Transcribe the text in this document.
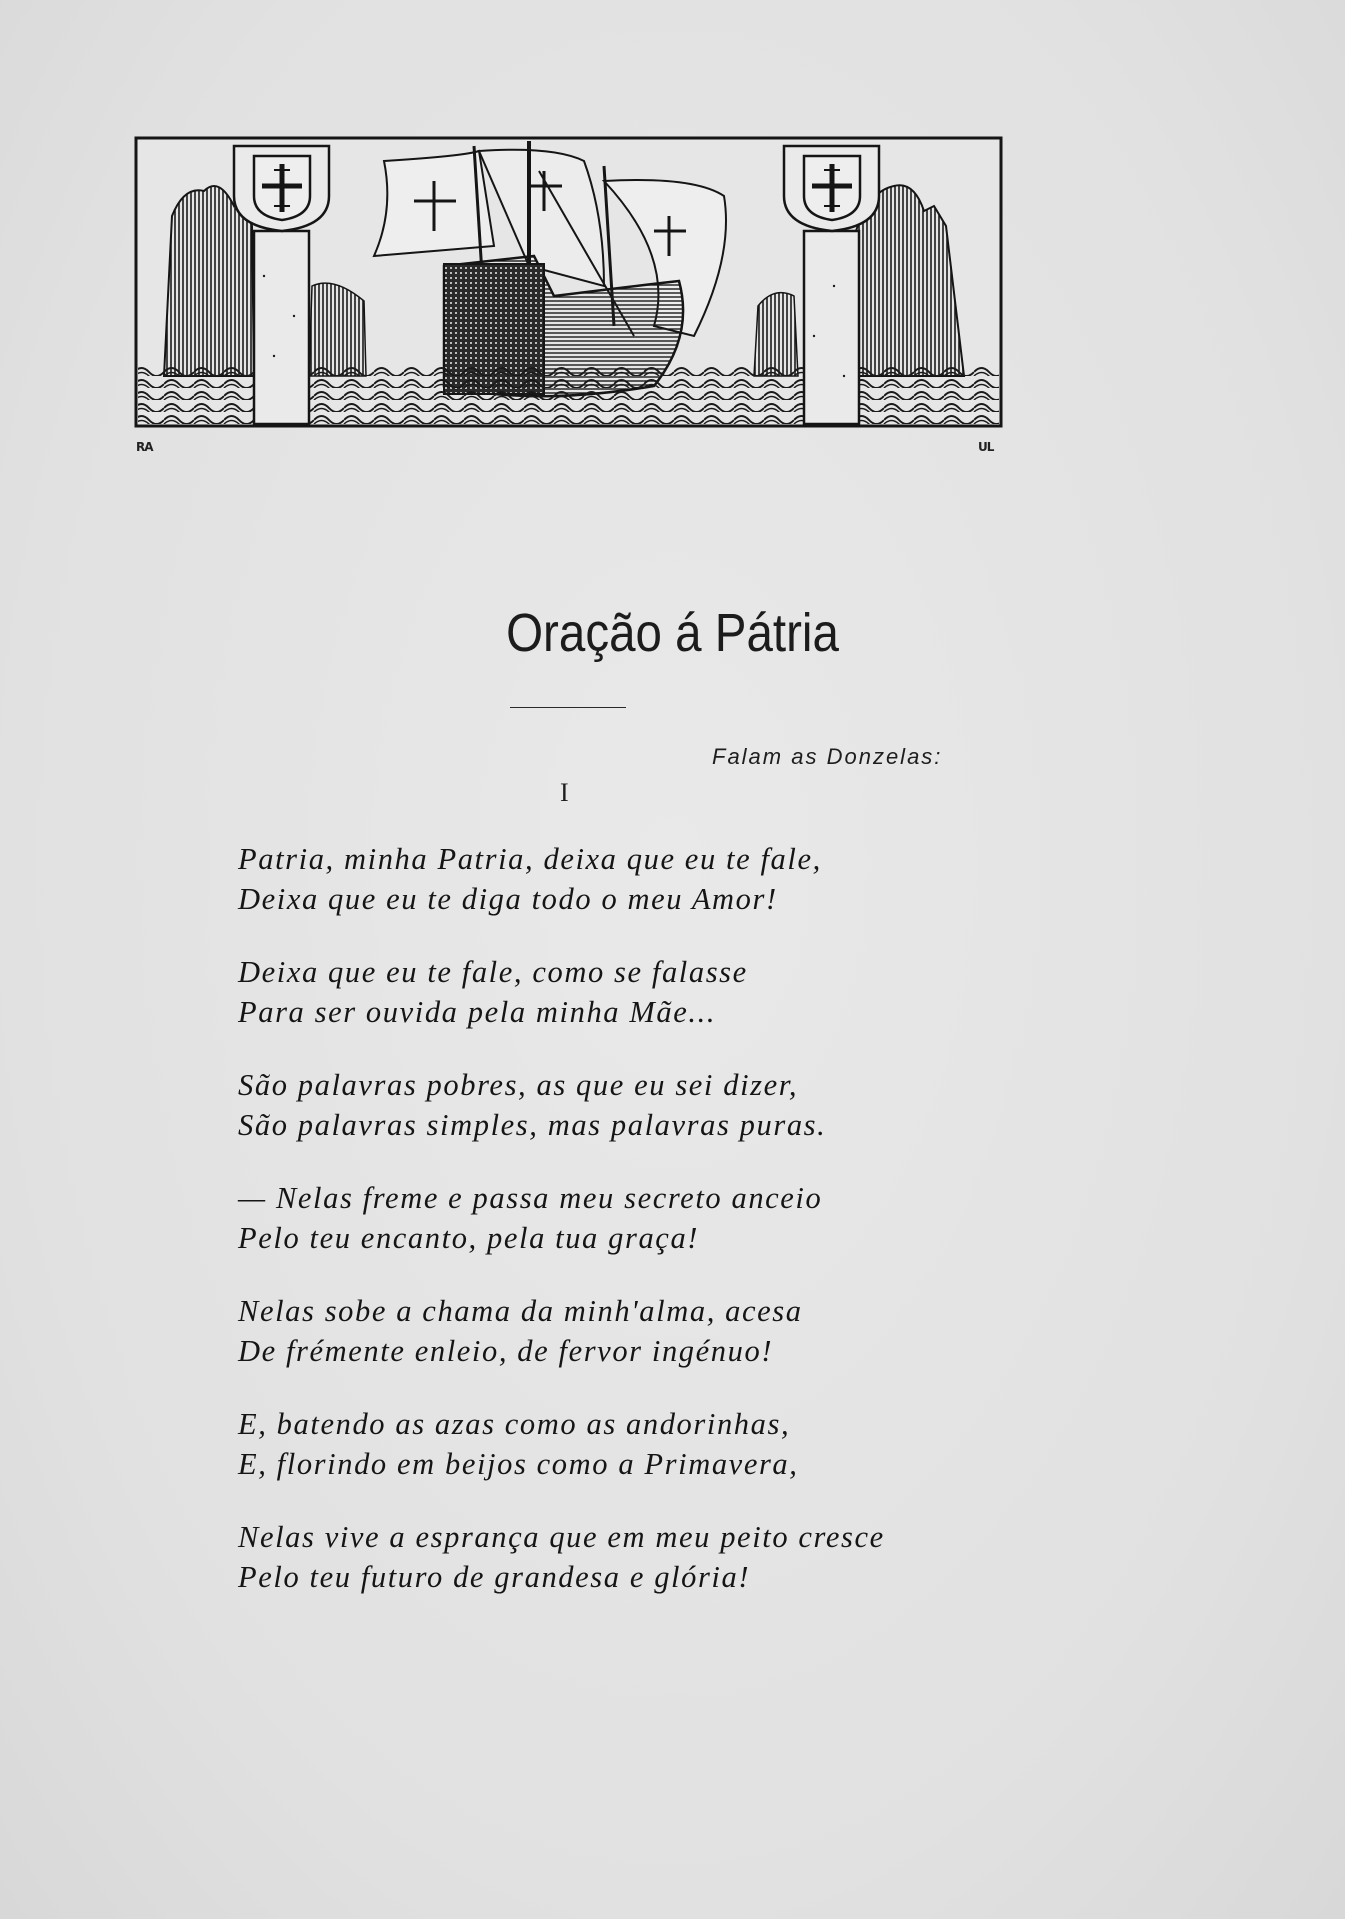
RA	UL
Oração á Pátria
Falam as Donzelas:
I
Patria, minha Patria, deixa que eu te fale,
Deixa que eu te diga todo o meu Amor!
Deixa que eu te fale, como se falasse
Para ser ouvida pela minha Mãe...
São palavras pobres, as que eu sei dizer,
São palavras simples, mas palavras puras.
— Nelas freme e passa meu secreto anceio
Pelo teu encanto, pela tua graça!
Nelas sobe a chama da minh'alma, acesa
De frémente enleio, de fervor ingénuo!
E, batendo as azas como as andorinhas,
E, florindo em beijos como a Primavera,
Nelas vive a esprança que em meu peito cresce
Pelo teu futuro de grandesa e glória!
